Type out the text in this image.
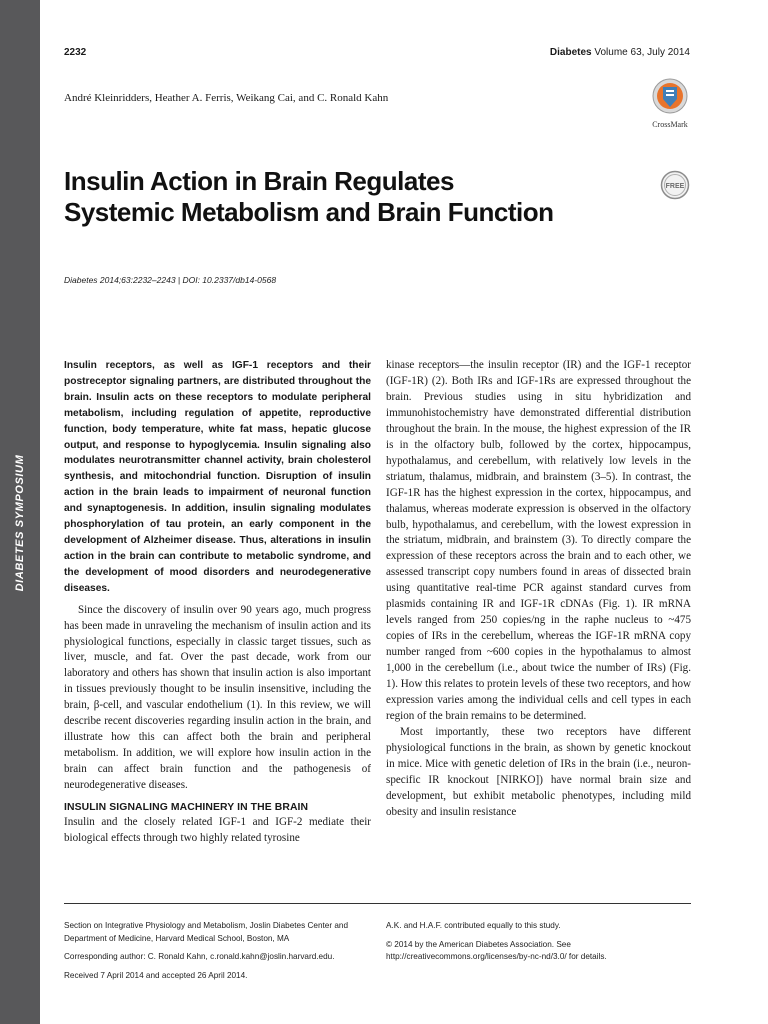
DIABETES SYMPOSIUM
2232	Diabetes Volume 63, July 2014
André Kleinridders, Heather A. Ferris, Weikang Cai, and C. Ronald Kahn
CrossMark
FREE
Insulin Action in Brain Regulates Systemic Metabolism and Brain Function
Diabetes 2014;63:2232–2243 | DOI: 10.2337/db14-0568

Insulin receptors, as well as IGF-1 receptors and their postreceptor signaling partners, are distributed throughout the brain. Insulin acts on these receptors to modulate peripheral metabolism, including regulation of appetite, reproductive function, body temperature, white fat mass, hepatic glucose output, and response to hypoglycemia. Insulin signaling also modulates neurotransmitter channel activity, brain cholesterol synthesis, and mitochondrial function. Disruption of insulin action in the brain leads to impairment of neuronal function and synaptogenesis. In addition, insulin signaling modulates phosphorylation of tau protein, an early component in the development of Alzheimer disease. Thus, alterations in insulin action in the brain can contribute to metabolic syndrome, and the development of mood disorders and neurodegenerative diseases.

Since the discovery of insulin over 90 years ago, much progress has been made in unraveling the mechanism of insulin action and its physiological functions, especially in classic target tissues, such as liver, muscle, and fat. Over the past decade, work from our laboratory and others has shown that insulin action is also important in tissues previously thought to be insulin insensitive, including the brain, β-cell, and vascular endothelium (1). In this review, we will describe recent discoveries regarding insulin action in the brain, and illustrate how this can affect both the brain and peripheral metabolism. In addition, we will explore how insulin action in the brain can affect brain function and the pathogenesis of neurodegenerative diseases.

INSULIN SIGNALING MACHINERY IN THE BRAIN

Insulin and the closely related IGF-1 and IGF-2 mediate their biological effects through two highly related tyrosine

kinase receptors—the insulin receptor (IR) and the IGF-1 receptor (IGF-1R) (2). Both IRs and IGF-1Rs are expressed throughout the brain. Previous studies using in situ hybridization and immunohistochemistry have demonstrated differential distribution throughout the brain. In the mouse, the highest expression of the IR is in the olfactory bulb, followed by the cortex, hippocampus, hypothalamus, and cerebellum, with relatively low levels in the striatum, thalamus, midbrain, and brainstem (3–5). In contrast, the IGF-1R has the highest expression in the cortex, hippocampus, and thalamus, whereas moderate expression is observed in the olfactory bulb, hypothalamus, and cerebellum, with the lowest expression in the striatum, midbrain, and brainstem (3). To directly compare the expression of these receptors across the brain and to each other, we assessed transcript copy numbers found in areas of dissected brain using quantitative real-time PCR against standard curves from plasmids containing IR and IGF-1R cDNAs (Fig. 1). IR mRNA levels ranged from 250 copies/ng in the raphe nucleus to ~475 copies of IRs in the cerebellum, whereas the IGF-1R mRNA copy number ranged from ~600 copies in the hypothalamus to almost 1,000 in the cerebellum (i.e., about twice the number of IRs) (Fig. 1). How this relates to protein levels of these two receptors, and how expression varies among the individual cells and cell types in each region of the brain remains to be determined.

Most importantly, these two receptors have different physiological functions in the brain, as shown by genetic knockout in mice. Mice with genetic deletion of IRs in the brain (i.e., neuron-specific IR knockout [NIRKO]) have normal brain size and development, but exhibit metabolic phenotypes, including mild obesity and insulin resistance

Section on Integrative Physiology and Metabolism, Joslin Diabetes Center and Department of Medicine, Harvard Medical School, Boston, MA
Corresponding author: C. Ronald Kahn, c.ronald.kahn@joslin.harvard.edu.
Received 7 April 2014 and accepted 26 April 2014.
A.K. and H.A.F. contributed equally to this study.
© 2014 by the American Diabetes Association. See http://creativecommons.org/licenses/by-nc-nd/3.0/ for details.
